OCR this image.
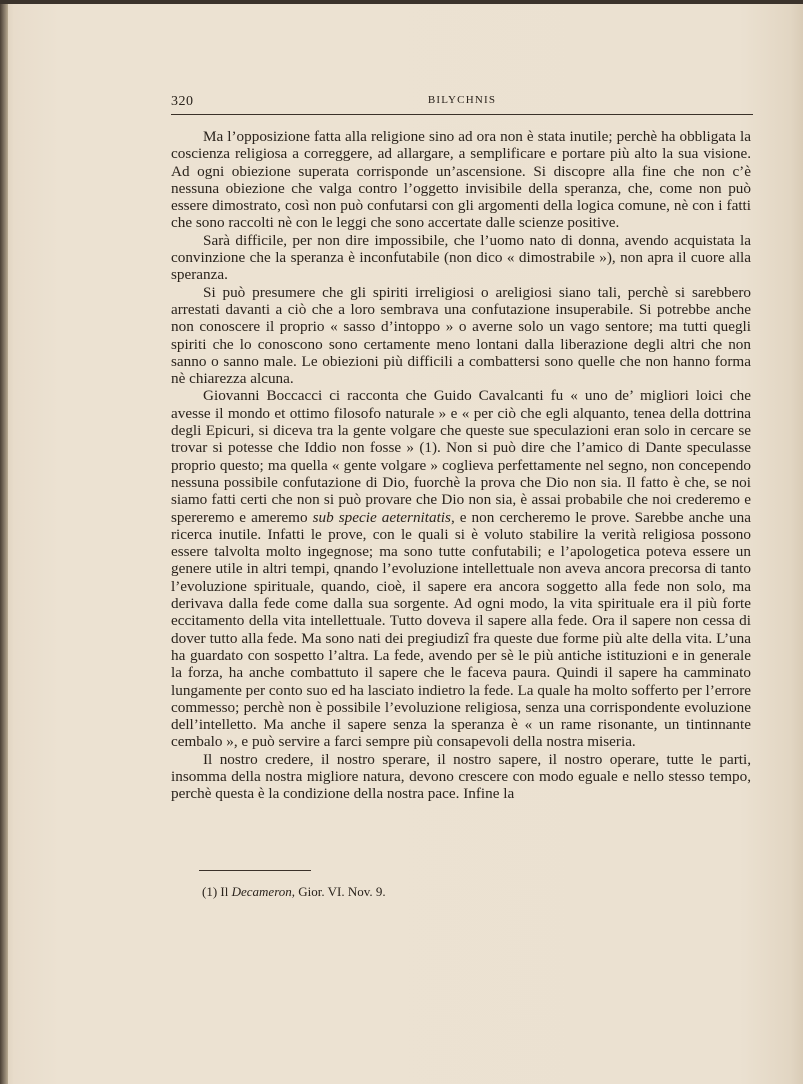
320	BILYCHNIS

Ma l’opposizione fatta alla religione sino ad ora non è stata inutile; perchè ha obbligata la coscienza religiosa a correggere, ad allargare, a semplificare e portare più alto la sua visione. Ad ogni obiezione superata corrisponde un’ascensione. Si discopre alla fine che non c’è nessuna obiezione che valga contro l’oggetto invisibile della speranza, che, come non può essere dimostrato, così non può confutarsi con gli argomenti della logica comune, nè con i fatti che sono raccolti nè con le leggi che sono accertate dalle scienze positive.

Sarà difficile, per non dire impossibile, che l’uomo nato di donna, avendo acquistata la convinzione che la speranza è inconfutabile (non dico « dimostrabile »), non apra il cuore alla speranza.

Si può presumere che gli spiriti irreligiosi o areligiosi siano tali, perchè si sarebbero arrestati davanti a ciò che a loro sembrava una confutazione insuperabile. Si potrebbe anche non conoscere il proprio « sasso d’intoppo » o averne solo un vago sentore; ma tutti quegli spiriti che lo conoscono sono certamente meno lontani dalla liberazione degli altri che non sanno o sanno male. Le obiezioni più difficili a combattersi sono quelle che non hanno forma nè chiarezza alcuna.

Giovanni Boccacci ci racconta che Guido Cavalcanti fu « uno de’ migliori loici che avesse il mondo et ottimo filosofo naturale » e « per ciò che egli alquanto, tenea della dottrina degli Epicuri, si diceva tra la gente volgare che queste sue speculazioni eran solo in cercare se trovar si potesse che Iddio non fosse » (1). Non si può dire che l’amico di Dante speculasse proprio questo; ma quella « gente volgare » coglieva perfettamente nel segno, non concependo nessuna possibile confutazione di Dio, fuorchè la prova che Dio non sia. Il fatto è che, se noi siamo fatti certi che non si può provare che Dio non sia, è assai probabile che noi crederemo e spereremo e ameremo sub specie aeternitatis, e non cercheremo le prove. Sarebbe anche una ricerca inutile. Infatti le prove, con le quali si è voluto stabilire la verità religiosa possono essere talvolta molto ingegnose; ma sono tutte confutabili; e l’apologetica poteva essere un genere utile in altri tempi, qnando l’evoluzione intellettuale non aveva ancora precorsa di tanto l’evoluzione spirituale, quando, cioè, il sapere era ancora soggetto alla fede non solo, ma derivava dalla fede come dalla sua sorgente. Ad ogni modo, la vita spirituale era il più forte eccitamento della vita intellettuale. Tutto doveva il sapere alla fede. Ora il sapere non cessa di dover tutto alla fede. Ma sono nati dei pregiudizî fra queste due forme più alte della vita. L’una ha guardato con sospetto l’altra. La fede, avendo per sè le più antiche istituzioni e in generale la forza, ha anche combattuto il sapere che le faceva paura. Quindi il sapere ha camminato lungamente per conto suo ed ha lasciato indietro la fede. La quale ha molto sofferto per l’errore commesso; perchè non è possibile l’evoluzione religiosa, senza una corrispondente evoluzione dell’intelletto. Ma anche il sapere senza la speranza è « un rame risonante, un tintinnante cembalo », e può servire a farci sempre più consapevoli della nostra miseria.

Il nostro credere, il nostro sperare, il nostro sapere, il nostro operare, tutte le parti, insomma della nostra migliore natura, devono crescere con modo eguale e nello stesso tempo, perchè questa è la condizione della nostra pace. Infine la

(1) Il Decameron, Gior. VI. Nov. 9.
